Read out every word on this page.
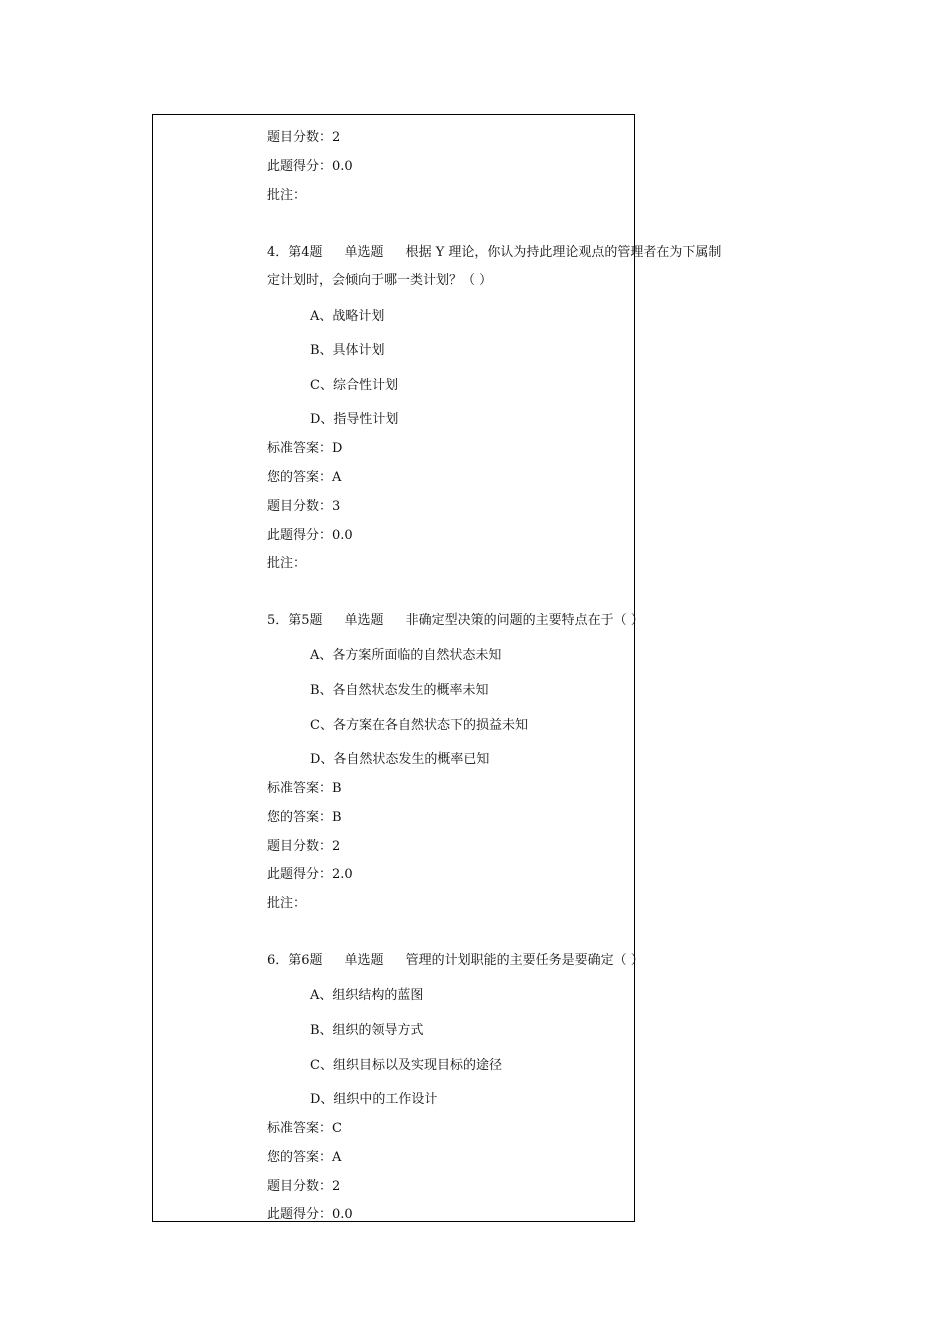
题目分数：2
此题得分：0.0
批注：
4．第4题 单选题 根据 Y 理论，你认为持此理论观点的管理者在为下属制
定计划时，会倾向于哪一类计划？（ ）
A、战略计划
B、具体计划
C、综合性计划
D、指导性计划
标准答案：D
您的答案：A
题目分数：3
此题得分：0.0
批注：
5．第5题 单选题 非确定型决策的问题的主要特点在于（ ）
A、各方案所面临的自然状态未知
B、各自然状态发生的概率未知
C、各方案在各自然状态下的损益未知
D、各自然状态发生的概率已知
标准答案：B
您的答案：B
题目分数：2
此题得分：2.0
批注：
6．第6题 单选题 管理的计划职能的主要任务是要确定（ ）
A、组织结构的蓝图
B、组织的领导方式
C、组织目标以及实现目标的途径
D、组织中的工作设计
标准答案：C
您的答案：A
题目分数：2
此题得分：0.0
